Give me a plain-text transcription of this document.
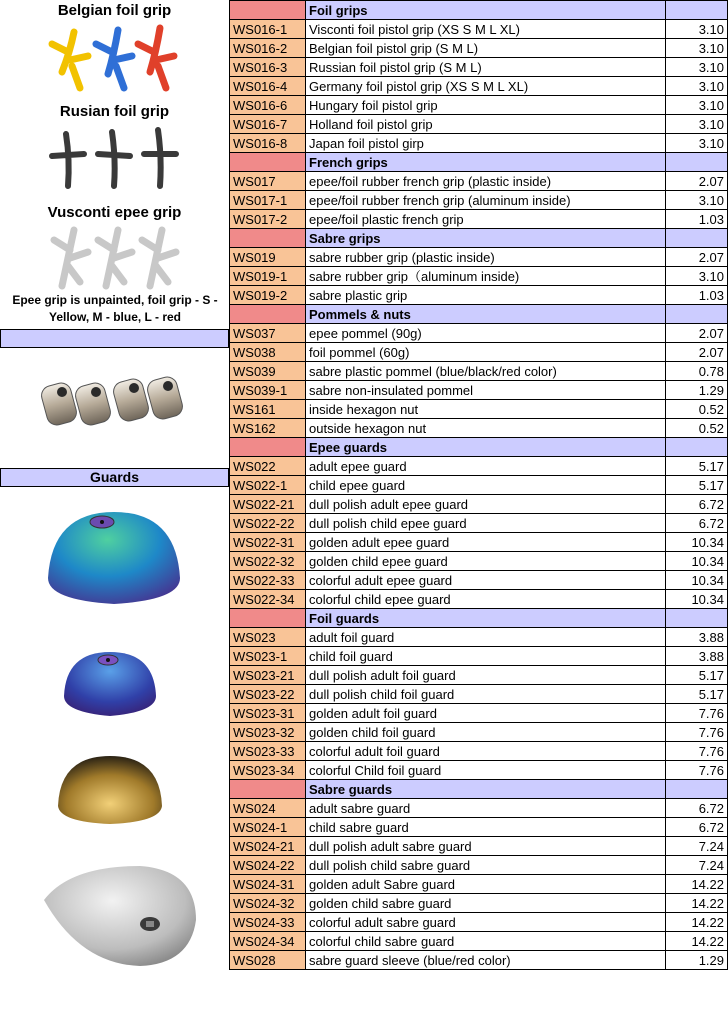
Belgian foil grip
Rusian foil grip
Vusconti epee grip
Epee grip is unpainted, foil grip - S - Yellow, M - blue, L - red
Guards
	Foil grips	
WS016-1	Visconti foil pistol grip (XS S M L XL)	3.10
WS016-2	Belgian foil pistol grip (S M L)	3.10
WS016-3	Russian foil pistol grip (S M L)	3.10
WS016-4	Germany foil pistol grip (XS S M L XL)	3.10
WS016-6	Hungary foil pistol grip	3.10
WS016-7	Holland foil pistol grip	3.10
WS016-8	Japan foil pistol girp	3.10
	French grips	
WS017	epee/foil rubber french grip (plastic inside)	2.07
WS017-1	epee/foil rubber french grip (aluminum inside)	3.10
WS017-2	epee/foil plastic french grip	1.03
	Sabre grips	
WS019	sabre rubber grip (plastic inside)	2.07
WS019-1	sabre rubber grip（aluminum inside)	3.10
WS019-2	sabre plastic grip	1.03
	Pommels & nuts	
WS037	epee pommel (90g)	2.07
WS038	foil pommel (60g)	2.07
WS039	sabre plastic pommel (blue/black/red color)	0.78
WS039-1	sabre non-insulated pommel	1.29
WS161	inside hexagon nut	0.52
WS162	outside hexagon nut	0.52
	Epee guards	
WS022	adult epee guard	5.17
WS022-1	child epee guard	5.17
WS022-21	dull polish adult epee guard	6.72
WS022-22	dull polish child epee guard	6.72
WS022-31	golden adult epee guard	10.34
WS022-32	golden child epee guard	10.34
WS022-33	colorful adult epee guard	10.34
WS022-34	colorful child epee guard	10.34
	Foil guards	
WS023	adult foil guard	3.88
WS023-1	child foil guard	3.88
WS023-21	dull polish adult foil guard	5.17
WS023-22	dull polish child foil guard	5.17
WS023-31	golden adult foil guard	7.76
WS023-32	golden child foil guard	7.76
WS023-33	colorful adult foil guard	7.76
WS023-34	colorful Child foil guard	7.76
	Sabre guards	
WS024	adult sabre guard	6.72
WS024-1	child sabre guard	6.72
WS024-21	dull polish adult sabre guard	7.24
WS024-22	dull polish child sabre guard	7.24
WS024-31	golden adult Sabre guard	14.22
WS024-32	golden child sabre guard	14.22
WS024-33	colorful adult sabre guard	14.22
WS024-34	colorful child sabre guard	14.22
WS028	sabre guard sleeve (blue/red color)	1.29
